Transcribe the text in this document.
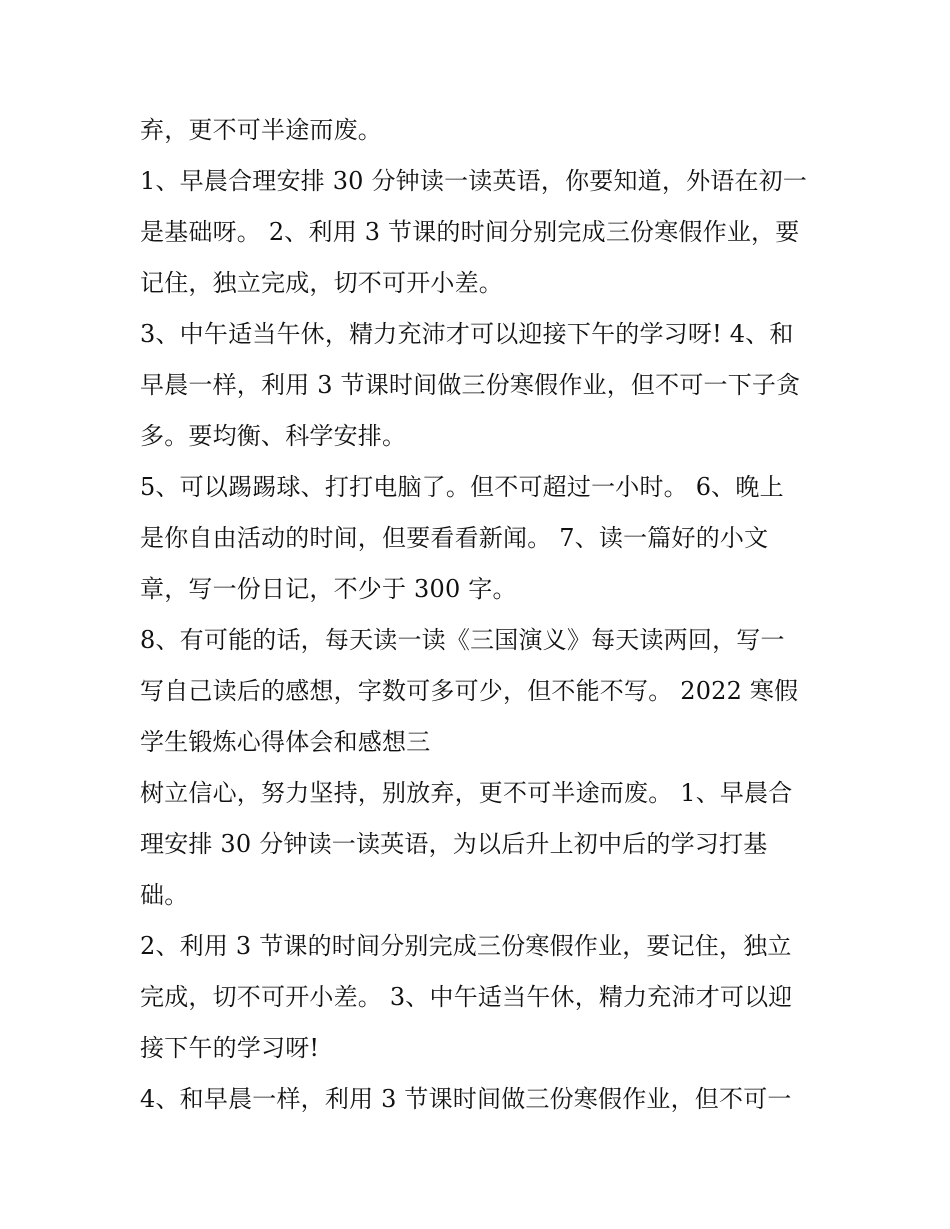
弃，更不可半途而废。
1、早晨合理安排 30 分钟读一读英语，你要知道，外语在初一
是基础呀。 2、利用 3 节课的时间分别完成三份寒假作业，要
记住，独立完成，切不可开小差。
3、中午适当午休，精力充沛才可以迎接下午的学习呀! 4、和
早晨一样，利用 3 节课时间做三份寒假作业，但不可一下子贪
多。要均衡、科学安排。
5、可以踢踢球、打打电脑了。但不可超过一小时。 6、晚上
是你自由活动的时间，但要看看新闻。 7、读一篇好的小文
章，写一份日记，不少于 300 字。
8、有可能的话，每天读一读《三国演义》每天读两回，写一
写自己读后的感想，字数可多可少，但不能不写。 2022 寒假
学生锻炼心得体会和感想三
树立信心，努力坚持，别放弃，更不可半途而废。 1、早晨合
理安排 30 分钟读一读英语，为以后升上初中后的学习打基
础。
2、利用 3 节课的时间分别完成三份寒假作业，要记住，独立
完成，切不可开小差。 3、中午适当午休，精力充沛才可以迎
接下午的学习呀!
4、和早晨一样，利用 3 节课时间做三份寒假作业，但不可一
